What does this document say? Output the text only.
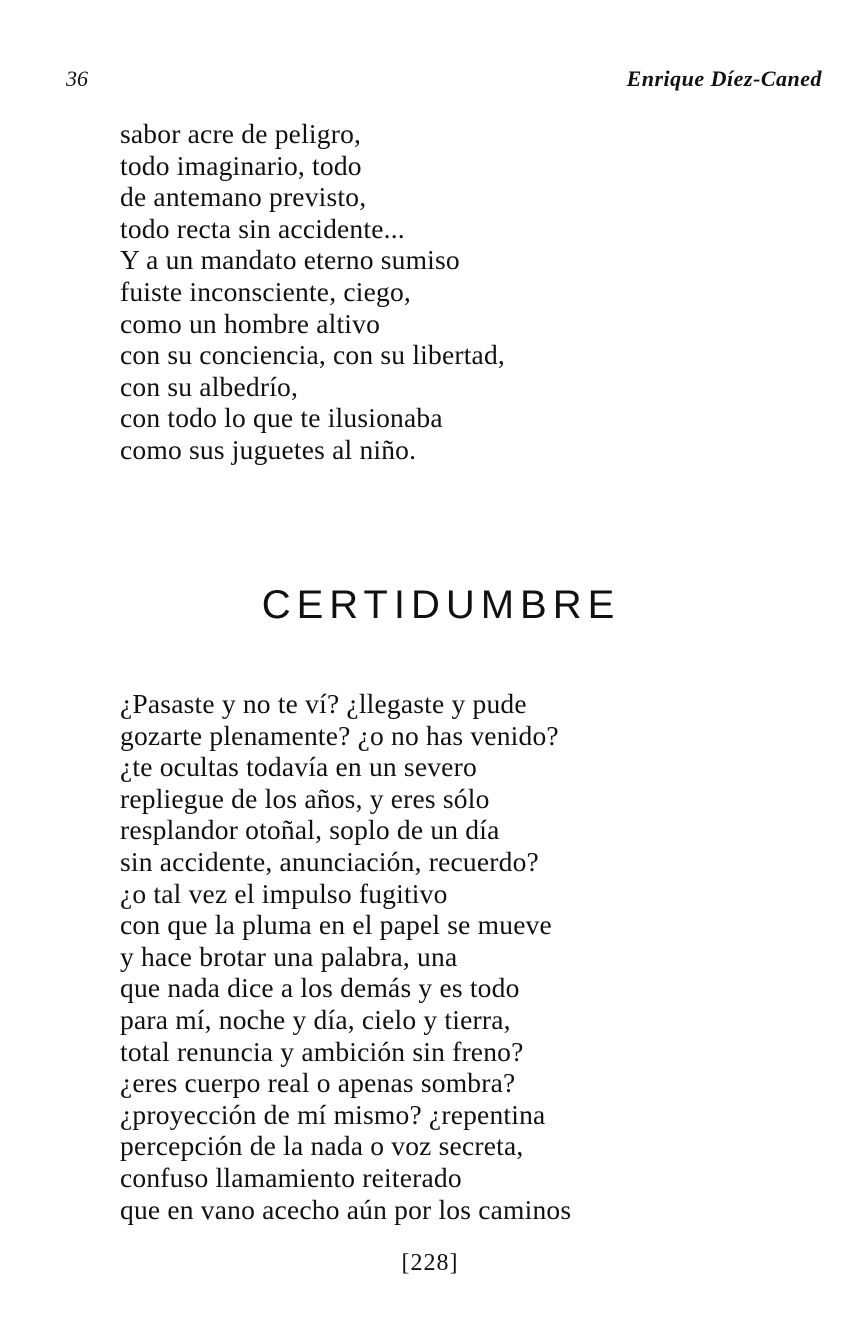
36	Enrique Díez-Caned
sabor acre de peligro,
todo imaginario, todo
de antemano previsto,
todo recta sin accidente...
Y a un mandato eterno sumiso
fuiste inconsciente, ciego,
como un hombre altivo
con su conciencia, con su libertad,
con su albedrío,
con todo lo que te ilusionaba
como sus juguetes al niño.
CERTIDUMBRE
¿Pasaste y no te ví? ¿llegaste y pude
gozarte plenamente? ¿o no has venido?
¿te ocultas todavía en un severo
repliegue de los años, y eres sólo
resplandor otoñal, soplo de un día
sin accidente, anunciación, recuerdo?
¿o tal vez el impulso fugitivo
con que la pluma en el papel se mueve
y hace brotar una palabra, una
que nada dice a los demás y es todo
para mí, noche y día, cielo y tierra,
total renuncia y ambición sin freno?
¿eres cuerpo real o apenas sombra?
¿proyección de mí mismo? ¿repentina
percepción de la nada o voz secreta,
confuso llamamiento reiterado
que en vano acecho aún por los caminos
[228]
